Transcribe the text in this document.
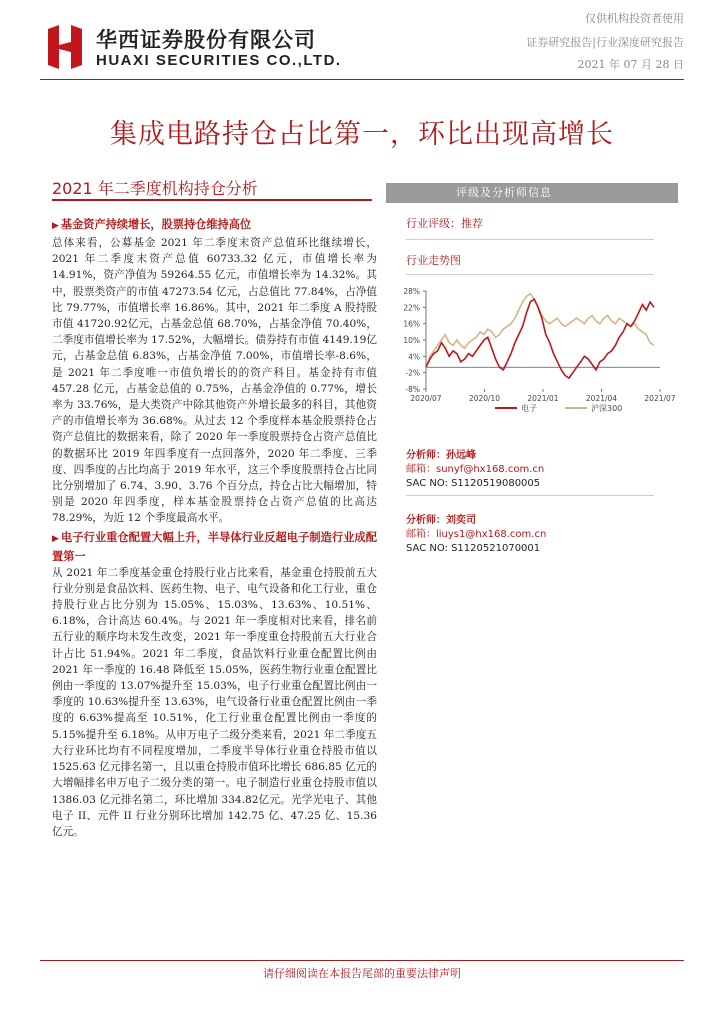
华西证券股份有限公司
HUAXI SECURITIES CO.,LTD.
仅供机构投资者使用
证券研究报告|行业深度研究报告
2021 年 07 月 28 日
集成电路持仓占比第一，环比出现高增长
2021 年二季度机构持仓分析
▶ 基金资产持续增长，股票持仓维持高位
总体来看，公募基金 2021 年二季度末资产总值环比继续增长，2021 年二季度末资产总值 60733.32 亿元，市值增长率为 14.91%，资产净值为 59264.55 亿元，市值增长率为 14.32%。其中，股票类资产的市值 47273.54 亿元，占总值比 77.84%，占净值比 79.77%，市值增长率 16.86%。其中，2021 年二季度 A 股持股市值 41720.92亿元，占基金总值 68.70%，占基金净值 70.40%，二季度市值增长率为 17.52%，大幅增长。债券持有市值 4149.19亿元，占基金总值 6.83%，占基金净值 7.00%，市值增长率-8.6%，是 2021 年二季度唯一市值负增长的的资产科目。基金持有市值 457.28 亿元，占基金总值的 0.75%，占基金净值的 0.77%，增长率为 33.76%，是大类资产中除其他资产外增长最多的科目，其他资产的市值增长率为 36.68%。从过去 12 个季度样本基金股票持仓占资产总值比的数据来看，除了 2020 年一季度股票持仓占资产总值比的数据环比 2019 年四季度有一点回落外，2020 年二季度、三季度、四季度的占比均高于 2019 年水平，这三个季度股票持仓占比同比分别增加了 6.74、3.90、3.76 个百分点，持仓占比大幅增加，特别是 2020 年四季度，样本基金股票持仓占资产总值的比高达 78.29%，为近 12 个季度最高水平。
▶ 电子行业重仓配置大幅上升，半导体行业反超电子制造行业成配置第一
从 2021 年二季度基金重仓持股行业占比来看，基金重仓持股前五大行业分别是食品饮料、医药生物、电子、电气设备和化工行业，重仓持股行业占比分别为 15.05%、15.03%、13.63%、10.51%、6.18%，合计高达 60.4%。与 2021 年一季度相对比来看，排名前五行业的顺序均未发生改变，2021 年一季度重仓持股前五大行业合计占比 51.94%。2021 年二季度，食品饮料行业重仓配置比例由 2021 年一季度的 16.48 降低至 15.05%，医药生物行业重仓配置比例由一季度的 13.07%提升至 15.03%，电子行业重仓配置比例由一季度的 10.63%提升至 13.63%，电气设备行业重仓配置比例由一季度的 6.63%提高至 10.51%，化工行业重仓配置比例由一季度的 5.15%提升至 6.18%。从申万电子二级分类来看，2021 年二季度五大行业环比均有不同程度增加，二季度半导体行业重仓持股市值以 1525.63 亿元排名第一，且以重仓持股市值环比增长 686.85 亿元的大增幅排名申万电子二级分类的第一。电子制造行业重仓持股市值以 1386.03 亿元排名第二，环比增加 334.82亿元。光学光电子、其他电子 II、元件 II 行业分别环比增加 142.75 亿、47.25 亿、15.36 亿元。
评级及分析师信息
行业评级：推荐
行业走势图
28%
22%
16%
10%
4%
-2%
-8%
2020/07	2020/10	2021/01	2021/04	2021/07
电子	沪深300
分析师：孙远峰
邮箱：sunyf@hx168.com.cn
SAC NO: S1120519080005
分析师：刘奕司
邮箱：liuys1@hx168.com.cn
SAC NO: S1120521070001
请仔细阅读在本报告尾部的重要法律声明
